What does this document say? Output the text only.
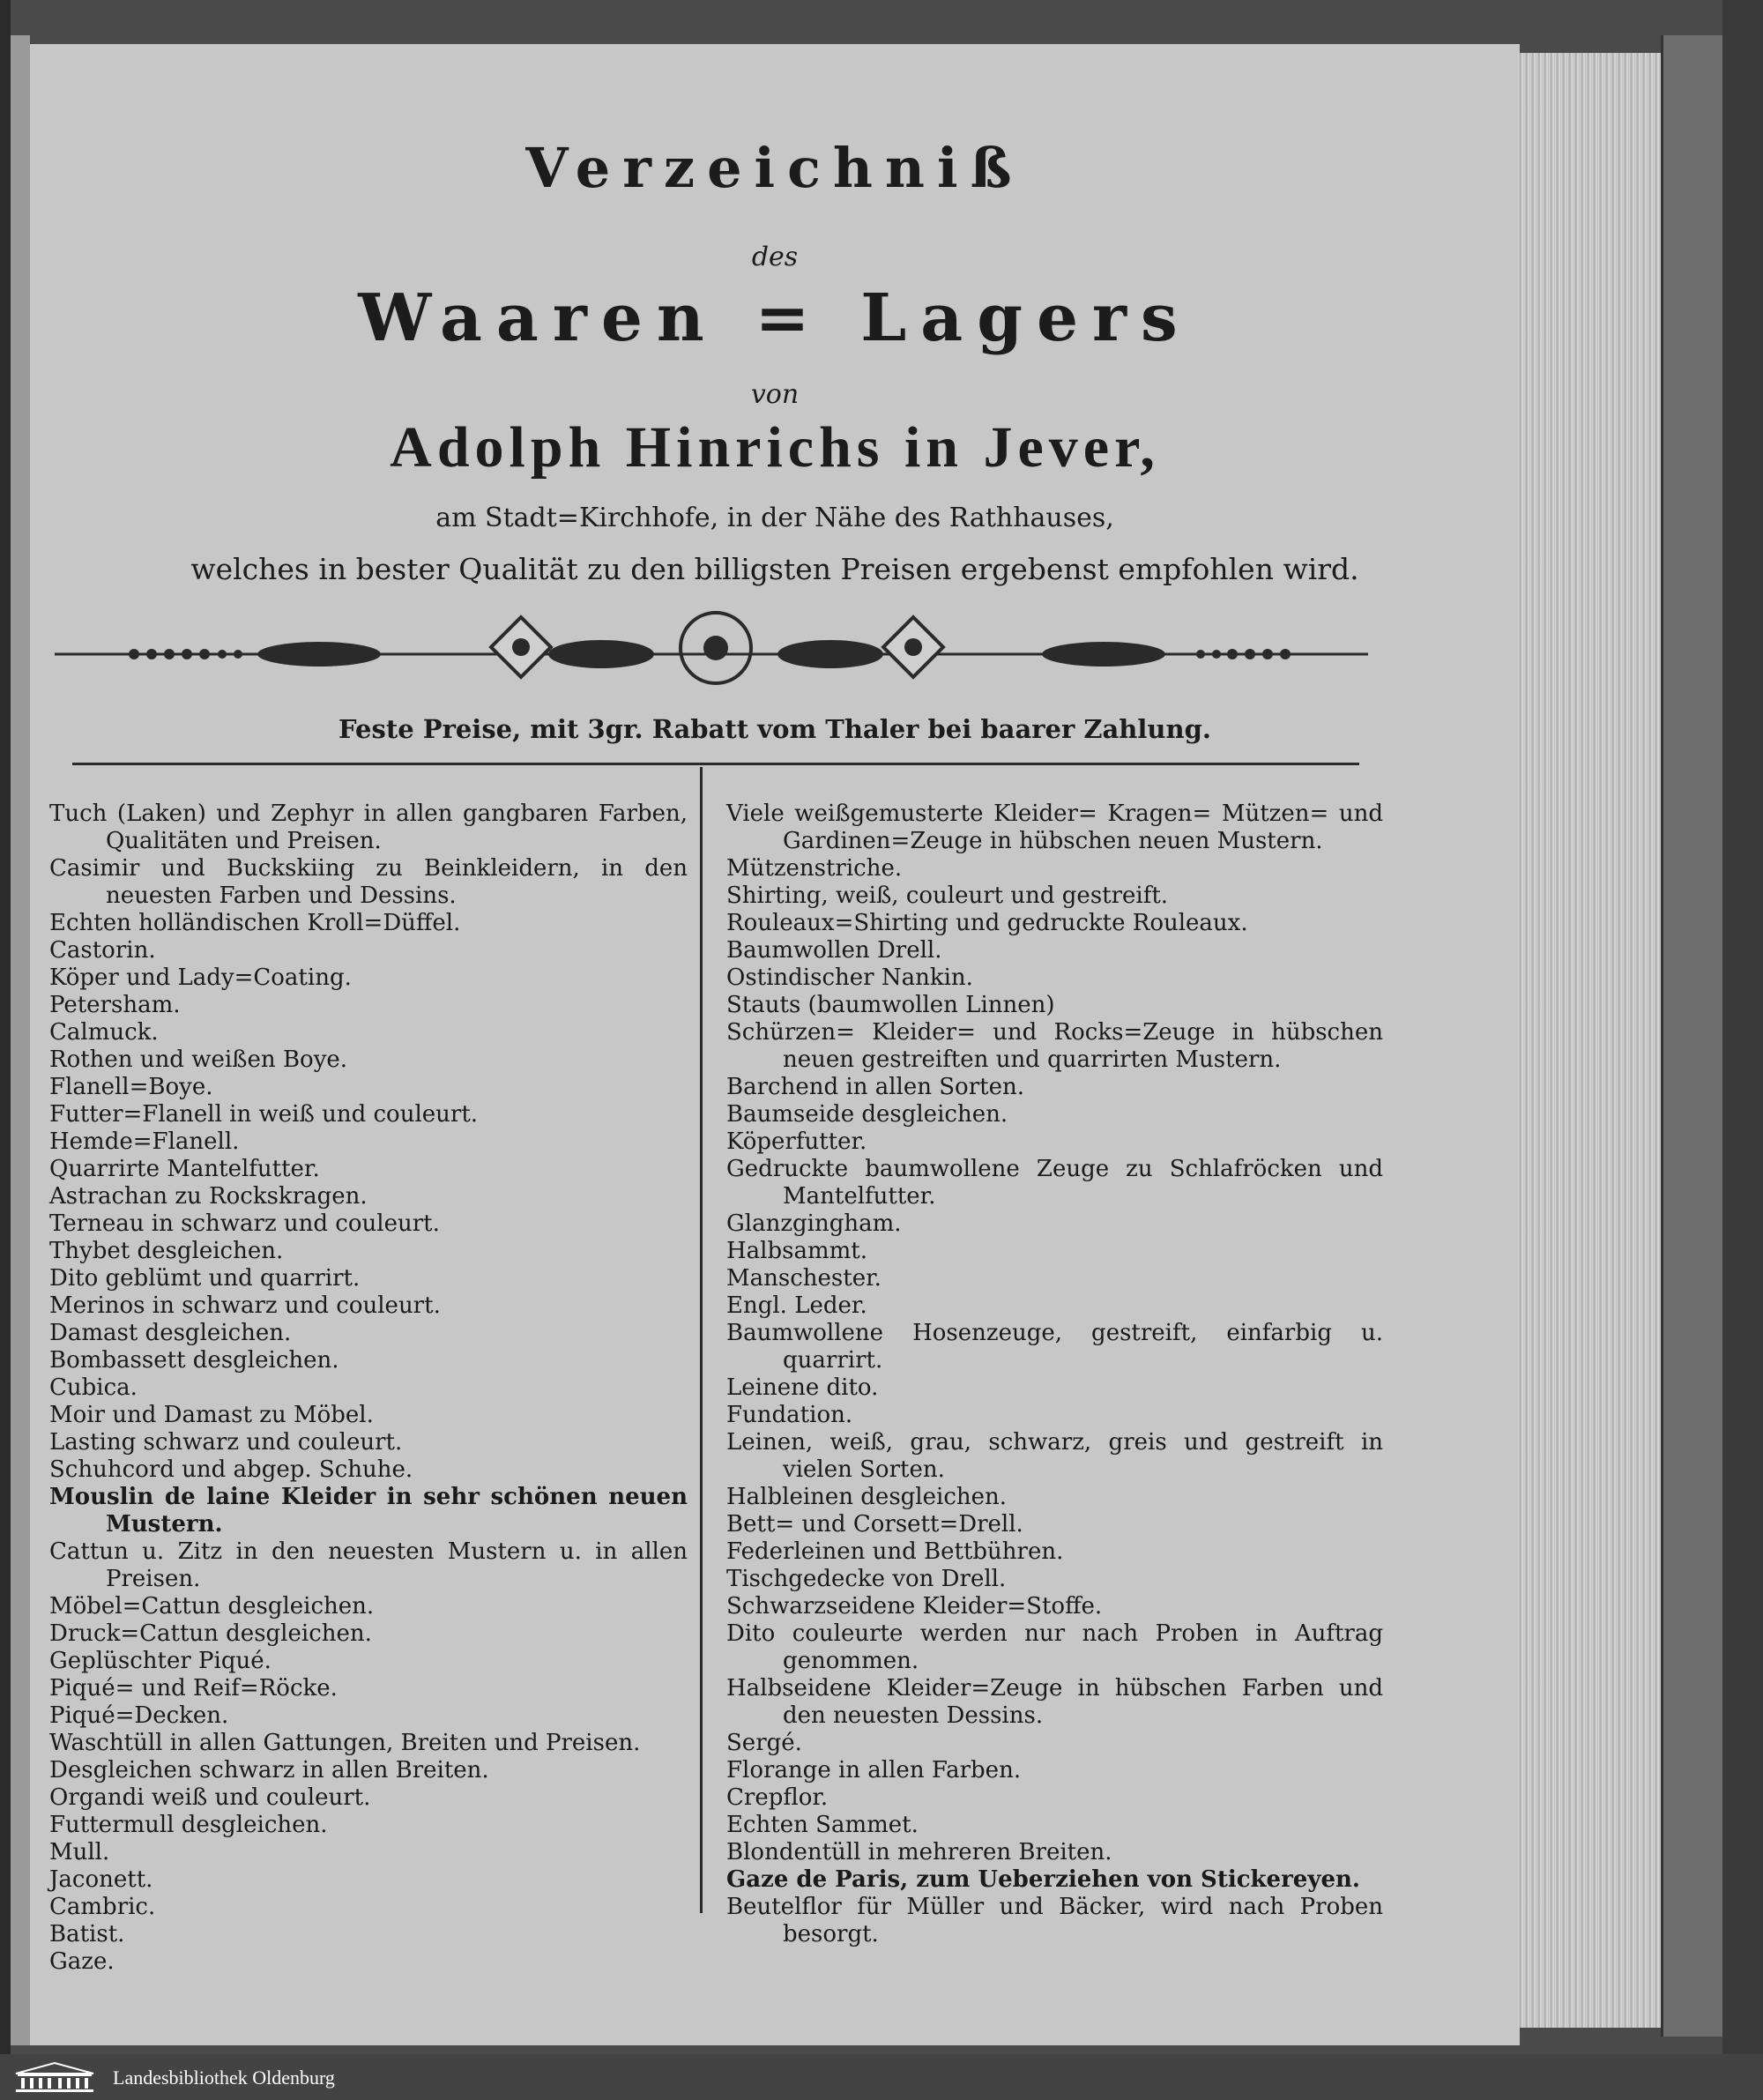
Verzeichniß
des
Waaren = Lagers
von
Adolph Hinrichs in Jever,
am Stadt=Kirchhofe, in der Nähe des Rathhauses,
welches in bester Qualität zu den billigsten Preisen ergebenst empfohlen wird.
Feste Preise, mit 3gr. Rabatt vom Thaler bei baarer Zahlung.
Tuch (Laken) und Zephyr in allen gangbaren Farben, Qualitäten und Preisen.
Casimir und Buckskiing zu Beinkleidern, in den neuesten Farben und Dessins.
Echten holländischen Kroll=Düffel.
Castorin.
Köper und Lady=Coating.
Petersham.
Calmuck.
Rothen und weißen Boye.
Flanell=Boye.
Futter=Flanell in weiß und couleurt.
Hemde=Flanell.
Quarrirte Mantelfutter.
Astrachan zu Rockskragen.
Terneau in schwarz und couleurt.
Thybet desgleichen.
Dito geblümt und quarrirt.
Merinos in schwarz und couleurt.
Damast desgleichen.
Bombassett desgleichen.
Cubica.
Moir und Damast zu Möbel.
Lasting schwarz und couleurt.
Schuhcord und abgep. Schuhe.
Mouslin de laine Kleider in sehr schönen neuen Mustern.
Cattun u. Zitz in den neuesten Mustern u. in allen Preisen.
Möbel=Cattun desgleichen.
Druck=Cattun desgleichen.
Geplüschter Piqué.
Piqué= und Reif=Röcke.
Piqué=Decken.
Waschtüll in allen Gattungen, Breiten und Preisen.
Desgleichen schwarz in allen Breiten.
Organdi weiß und couleurt.
Futtermull desgleichen.
Mull.
Jaconett.
Cambric.
Batist.
Gaze.
Viele weißgemusterte Kleider= Kragen= Mützen= und Gardinen=Zeuge in hübschen neuen Mustern.
Mützenstriche.
Shirting, weiß, couleurt und gestreift.
Rouleaux=Shirting und gedruckte Rouleaux.
Baumwollen Drell.
Ostindischer Nankin.
Stauts (baumwollen Linnen)
Schürzen= Kleider= und Rocks=Zeuge in hübschen neuen gestreiften und quarrirten Mustern.
Barchend in allen Sorten.
Baumseide desgleichen.
Köperfutter.
Gedruckte baumwollene Zeuge zu Schlafröcken und Mantelfutter.
Glanzgingham.
Halbsammt.
Manschester.
Engl. Leder.
Baumwollene Hosenzeuge, gestreift, einfarbig u. quarrirt.
Leinene dito.
Fundation.
Leinen, weiß, grau, schwarz, greis und gestreift in vielen Sorten.
Halbleinen desgleichen.
Bett= und Corsett=Drell.
Federleinen und Bettbühren.
Tischgedecke von Drell.
Schwarzseidene Kleider=Stoffe.
Dito couleurte werden nur nach Proben in Auftrag genommen.
Halbseidene Kleider=Zeuge in hübschen Farben und den neuesten Dessins.
Sergé.
Florange in allen Farben.
Crepflor.
Echten Sammet.
Blondentüll in mehreren Breiten.
Gaze de Paris, zum Ueberziehen von Stickereyen.
Beutelflor für Müller und Bäcker, wird nach Proben besorgt.
Landesbibliothek Oldenburg
